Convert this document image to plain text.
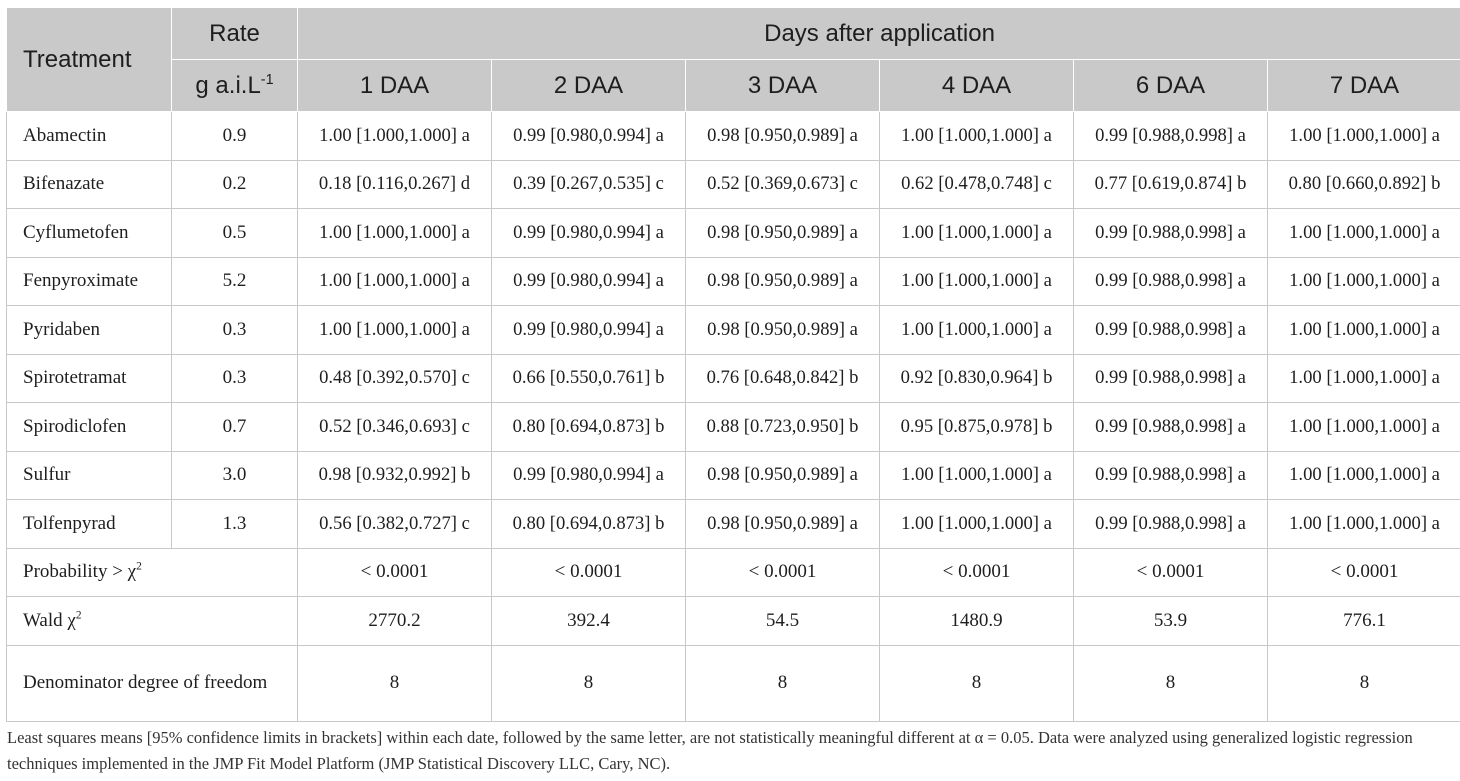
Treatment	Rate	Days after application					
	g $a.i.L^{-1}$	1 DAA	2 DAA	3 DAA	4 DAA	6 DAA	7 DAA
Abamectin	0.9	1.00 [1.000,1.000] a	0.99 [0.980,0.994] a	0.98 [0.950,0.989] a	1.00 [1.000,1.000] a	0.99 [0.988,0.998] a	1.00 [1.000,1.000] a
Bifenazate	0.2	0.18 [0.116,0.267] d	0.39 [0.267,0.535] c	0.52 [0.369,0.673] c	0.62 [0.478,0.748] c	0.77 [0.619,0.874] b	0.80 [0.660,0.892] b
Cyflumetofen	0.5	1.00 [1.000,1.000] a	0.99 [0.980,0.994] a	0.98 [0.950,0.989] a	1.00 [1.000,1.000] a	0.99 [0.988,0.998] a	1.00 [1.000,1.000] a
Fenpyroximate	5.2	1.00 [1.000,1.000] a	0.99 [0.980,0.994] a	0.98 [0.950,0.989] a	1.00 [1.000,1.000] a	0.99 [0.988,0.998] a	1.00 [1.000,1.000] a
Pyridaben	0.3	1.00 [1.000,1.000] a	0.99 [0.980,0.994] a	0.98 [0.950,0.989] a	1.00 [1.000,1.000] a	0.99 [0.988,0.998] a	1.00 [1.000,1.000] a
Spirotetramat	0.3	0.48 [0.392,0.570] c	0.66 [0.550,0.761] b	0.76 [0.648,0.842] b	0.92 [0.830,0.964] b	0.99 [0.988,0.998] a	1.00 [1.000,1.000] a
Spirodiclofen	0.7	0.52 [0.346,0.693] c	0.80 [0.694,0.873] b	0.88 [0.723,0.950] b	0.95 [0.875,0.978] b	0.99 [0.988,0.998] a	1.00 [1.000,1.000] a
Sulfur	3.0	0.98 [0.932,0.992] b	0.99 [0.980,0.994] a	0.98 [0.950,0.989] a	1.00 [1.000,1.000] a	0.99 [0.988,0.998] a	1.00 [1.000,1.000] a
Tolfenpyrad	1.3	0.56 [0.382,0.727] c	0.80 [0.694,0.873] b	0.98 [0.950,0.989] a	1.00 [1.000,1.000] a	0.99 [0.988,0.998] a	1.00 [1.000,1.000] a
Probability > $\chi^2$		< 0.0001	< 0.0001	< 0.0001	< 0.0001	< 0.0001	< 0.0001
Wald $\chi^2$		2770.2	392.4	54.5	1480.9	53.9	776.1
Denominator degree of freedom		8	8	8	8	8	8
Least squares means [95% confidence limits in brackets] within each date, followed by the same letter, are not statistically meaningful different at α = 0.05. Data were analyzed using generalized logistic regression techniques implemented in the JMP Fit Model Platform (JMP Statistical Discovery LLC, Cary, NC).
